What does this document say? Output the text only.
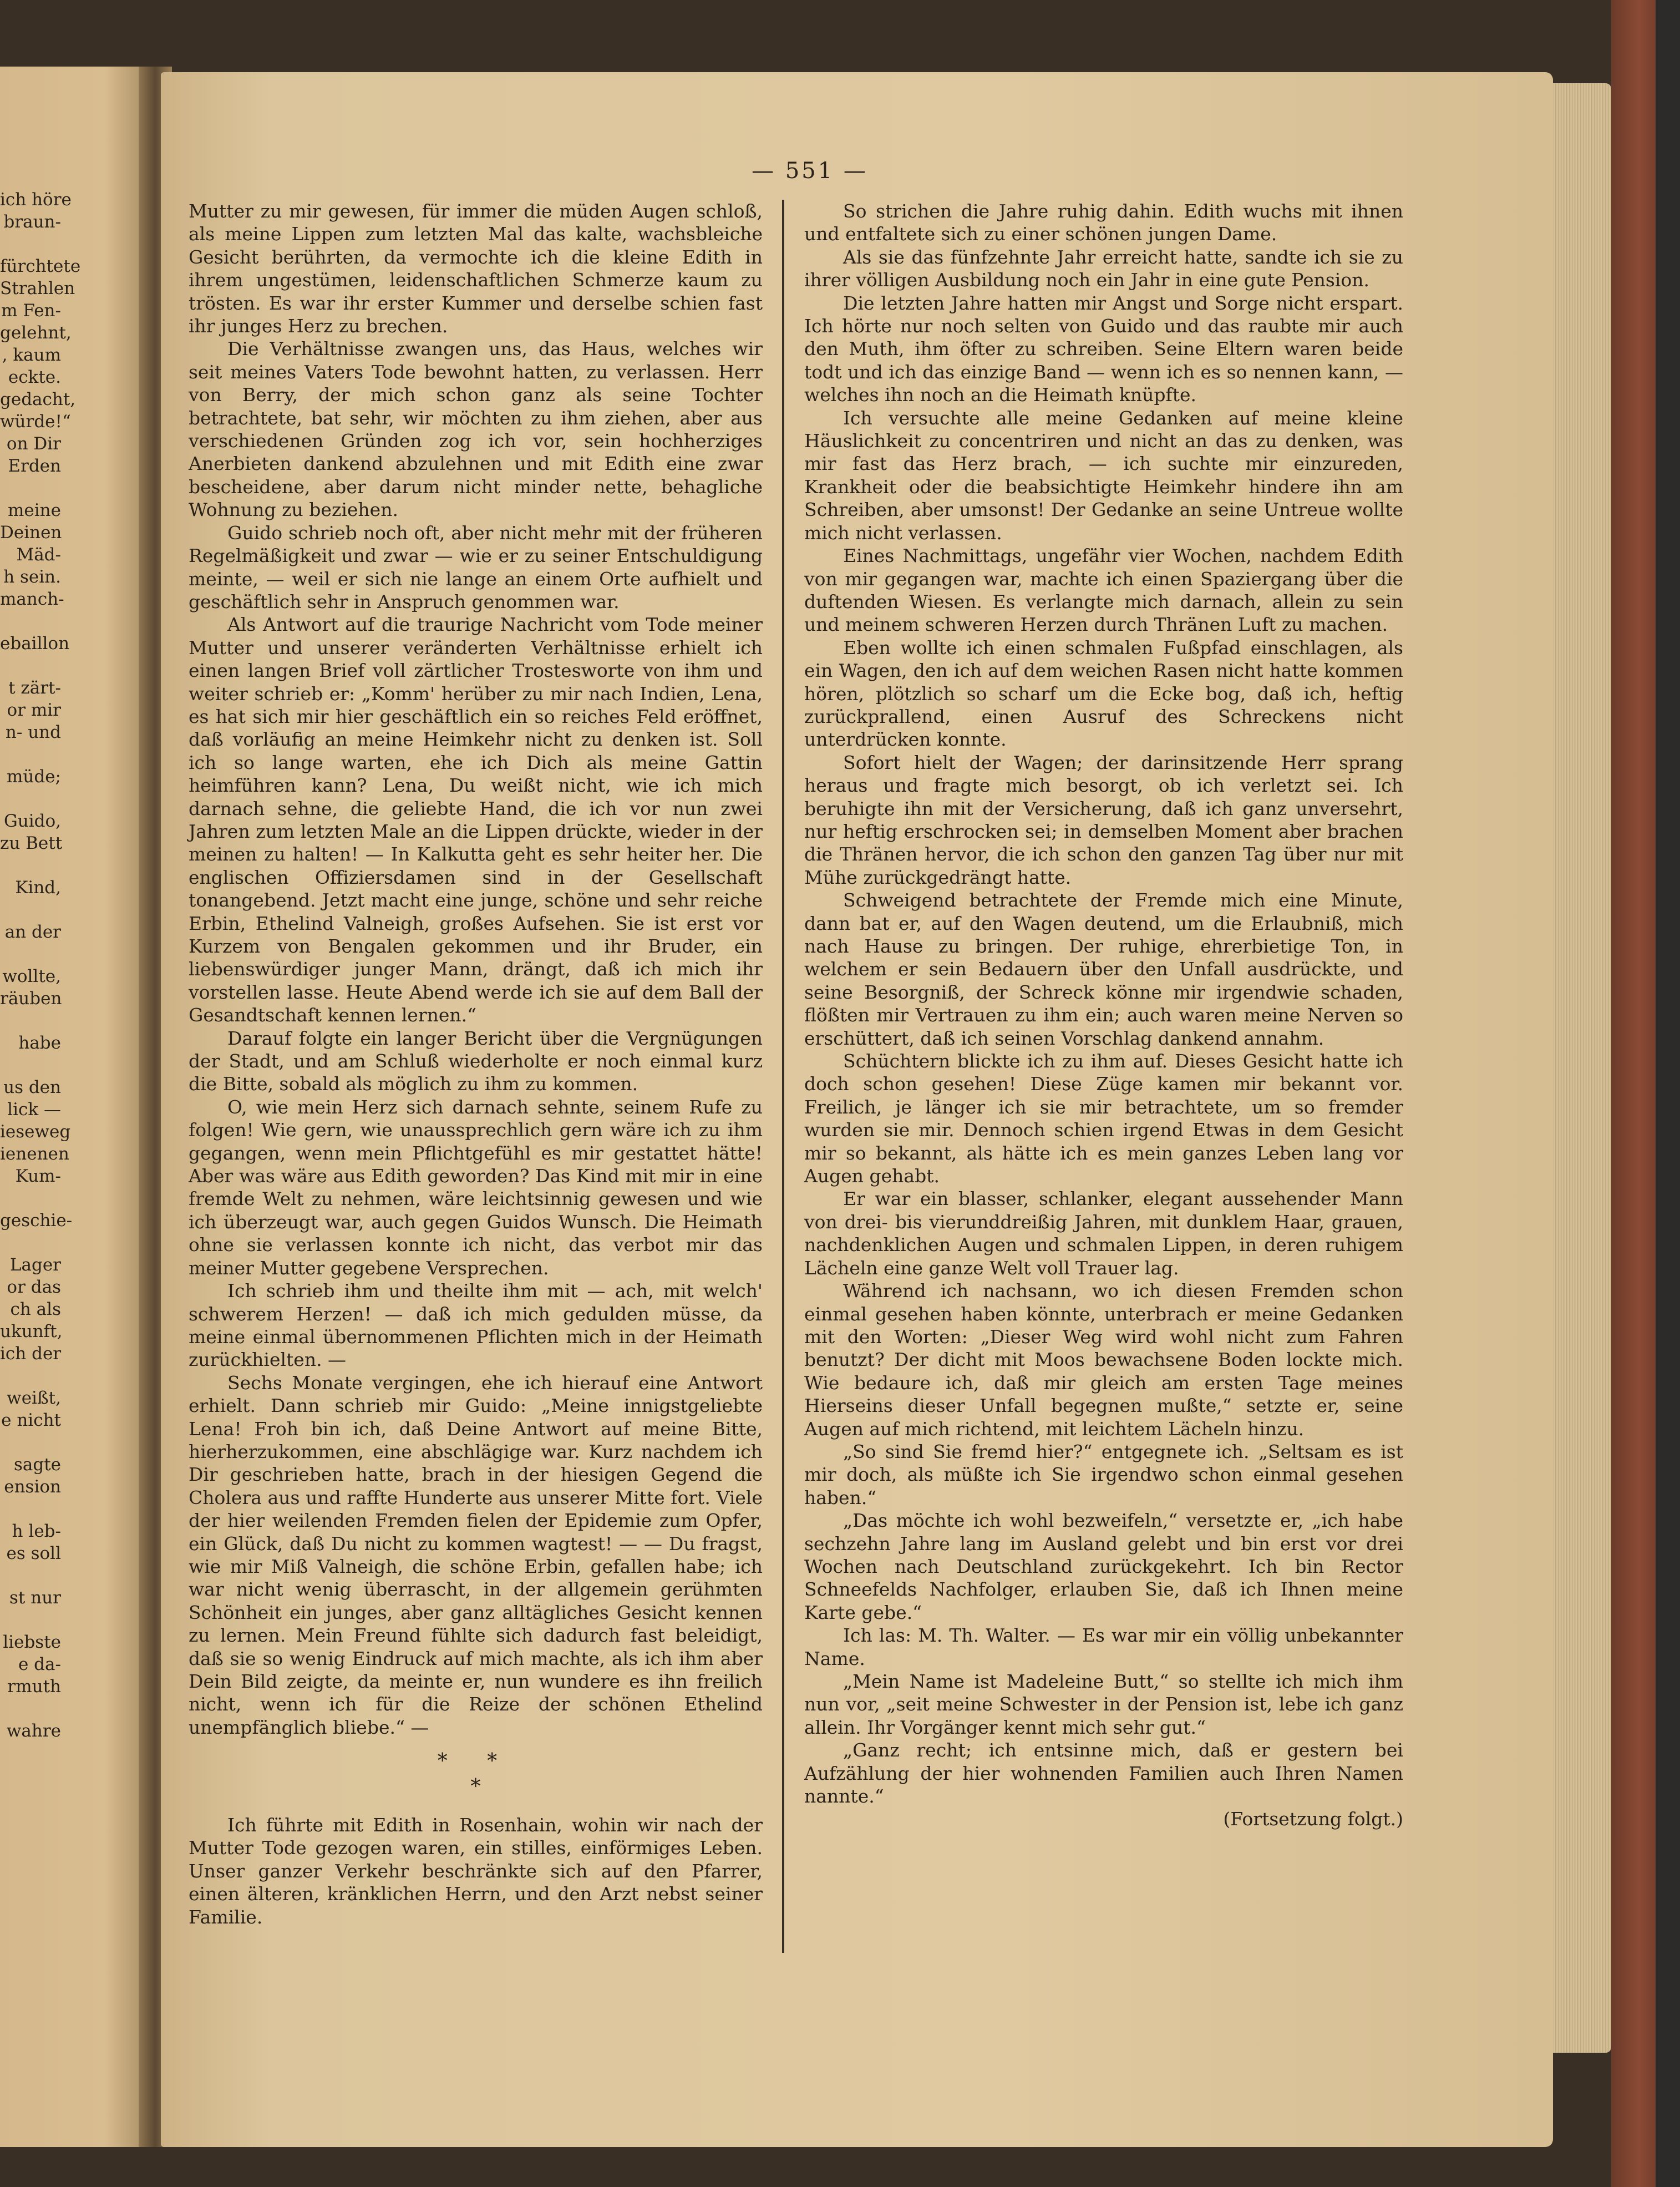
ich höre
braun-
fürchtete
Strahlen
m Fen-
gelehnt,
, kaum
eckte.
gedacht,
würde!“
on Dir
Erden
meine
Deinen
Mäd-
h sein.
manch-
ebaillon
t zärt-
or mir
n- und
müde;
Guido,
zu Bett
Kind,
an der
wollte,
räuben
habe
us den
lick —
ieseweg
ienenen
Kum-
geschie-
Lager
or das
ch als
ukunft,
ich der
weißt,
e nicht
sagte
ension
h leb-
es soll
st nur
liebste
e da-
rmuth
wahre
— 551 —

Mutter zu mir gewesen, für immer die müden Augen schloß, als meine Lippen zum letzten Mal das kalte, wachsbleiche Gesicht berührten, da vermochte ich die kleine Edith in ihrem ungestümen, leidenschaftlichen Schmerze kaum zu trösten. Es war ihr erster Kummer und derselbe schien fast ihr junges Herz zu brechen.

Die Verhältnisse zwangen uns, das Haus, welches wir seit meines Vaters Tode bewohnt hatten, zu verlassen. Herr von Berry, der mich schon ganz als seine Tochter betrachtete, bat sehr, wir möchten zu ihm ziehen, aber aus verschiedenen Gründen zog ich vor, sein hochherziges Anerbieten dankend abzulehnen und mit Edith eine zwar bescheidene, aber darum nicht minder nette, behagliche Wohnung zu beziehen.

Guido schrieb noch oft, aber nicht mehr mit der früheren Regelmäßigkeit und zwar — wie er zu seiner Entschuldigung meinte, — weil er sich nie lange an einem Orte aufhielt und geschäftlich sehr in Anspruch genommen war.

Als Antwort auf die traurige Nachricht vom Tode meiner Mutter und unserer veränderten Verhältnisse erhielt ich einen langen Brief voll zärtlicher Trostesworte von ihm und weiter schrieb er: „Komm' herüber zu mir nach Indien, Lena, es hat sich mir hier geschäftlich ein so reiches Feld eröffnet, daß vorläufig an meine Heimkehr nicht zu denken ist. Soll ich so lange warten, ehe ich Dich als meine Gattin heimführen kann? Lena, Du weißt nicht, wie ich mich darnach sehne, die geliebte Hand, die ich vor nun zwei Jahren zum letzten Male an die Lippen drückte, wieder in der meinen zu halten! — In Kalkutta geht es sehr heiter her. Die englischen Offiziersdamen sind in der Gesellschaft tonangebend. Jetzt macht eine junge, schöne und sehr reiche Erbin, Ethelind Valneigh, großes Aufsehen. Sie ist erst vor Kurzem von Bengalen gekommen und ihr Bruder, ein liebenswürdiger junger Mann, drängt, daß ich mich ihr vorstellen lasse. Heute Abend werde ich sie auf dem Ball der Gesandtschaft kennen lernen.“

Darauf folgte ein langer Bericht über die Vergnügungen der Stadt, und am Schluß wiederholte er noch einmal kurz die Bitte, sobald als möglich zu ihm zu kommen.

O, wie mein Herz sich darnach sehnte, seinem Rufe zu folgen! Wie gern, wie unaussprechlich gern wäre ich zu ihm gegangen, wenn mein Pflichtgefühl es mir gestattet hätte! Aber was wäre aus Edith geworden? Das Kind mit mir in eine fremde Welt zu nehmen, wäre leichtsinnig gewesen und wie ich überzeugt war, auch gegen Guidos Wunsch. Die Heimath ohne sie verlassen konnte ich nicht, das verbot mir das meiner Mutter gegebene Versprechen.

Ich schrieb ihm und theilte ihm mit — ach, mit welch' schwerem Herzen! — daß ich mich gedulden müsse, da meine einmal übernommenen Pflichten mich in der Heimath zurückhielten. —

Sechs Monate vergingen, ehe ich hierauf eine Antwort erhielt. Dann schrieb mir Guido: „Meine innigstgeliebte Lena! Froh bin ich, daß Deine Antwort auf meine Bitte, hierherzukommen, eine abschlägige war. Kurz nachdem ich Dir geschrieben hatte, brach in der hiesigen Gegend die Cholera aus und raffte Hunderte aus unserer Mitte fort. Viele der hier weilenden Fremden fielen der Epidemie zum Opfer, ein Glück, daß Du nicht zu kommen wagtest! — — Du fragst, wie mir Miß Valneigh, die schöne Erbin, gefallen habe; ich war nicht wenig überrascht, in der allgemein gerühmten Schönheit ein junges, aber ganz alltägliches Gesicht kennen zu lernen. Mein Freund fühlte sich dadurch fast beleidigt, daß sie so wenig Eindruck auf mich machte, als ich ihm aber Dein Bild zeigte, da meinte er, nun wundere es ihn freilich nicht, wenn ich für die Reize der schönen Ethelind unempfänglich bliebe.“ —

* *
*

Ich führte mit Edith in Rosenhain, wohin wir nach der Mutter Tode gezogen waren, ein stilles, einförmiges Leben. Unser ganzer Verkehr beschränkte sich auf den Pfarrer, einen älteren, kränklichen Herrn, und den Arzt nebst seiner Familie.

So strichen die Jahre ruhig dahin. Edith wuchs mit ihnen und entfaltete sich zu einer schönen jungen Dame.

Als sie das fünfzehnte Jahr erreicht hatte, sandte ich sie zu ihrer völligen Ausbildung noch ein Jahr in eine gute Pension.

Die letzten Jahre hatten mir Angst und Sorge nicht erspart. Ich hörte nur noch selten von Guido und das raubte mir auch den Muth, ihm öfter zu schreiben. Seine Eltern waren beide todt und ich das einzige Band — wenn ich es so nennen kann, — welches ihn noch an die Heimath knüpfte.

Ich versuchte alle meine Gedanken auf meine kleine Häuslichkeit zu concentriren und nicht an das zu denken, was mir fast das Herz brach, — ich suchte mir einzureden, Krankheit oder die beabsichtigte Heimkehr hindere ihn am Schreiben, aber umsonst! Der Gedanke an seine Untreue wollte mich nicht verlassen.

Eines Nachmittags, ungefähr vier Wochen, nachdem Edith von mir gegangen war, machte ich einen Spaziergang über die duftenden Wiesen. Es verlangte mich darnach, allein zu sein und meinem schweren Herzen durch Thränen Luft zu machen.

Eben wollte ich einen schmalen Fußpfad einschlagen, als ein Wagen, den ich auf dem weichen Rasen nicht hatte kommen hören, plötzlich so scharf um die Ecke bog, daß ich, heftig zurückprallend, einen Ausruf des Schreckens nicht unterdrücken konnte.

Sofort hielt der Wagen; der darinsitzende Herr sprang heraus und fragte mich besorgt, ob ich verletzt sei. Ich beruhigte ihn mit der Versicherung, daß ich ganz unversehrt, nur heftig erschrocken sei; in demselben Moment aber brachen die Thränen hervor, die ich schon den ganzen Tag über nur mit Mühe zurückgedrängt hatte.

Schweigend betrachtete der Fremde mich eine Minute, dann bat er, auf den Wagen deutend, um die Erlaubniß, mich nach Hause zu bringen. Der ruhige, ehrerbietige Ton, in welchem er sein Bedauern über den Unfall ausdrückte, und seine Besorgniß, der Schreck könne mir irgendwie schaden, flößten mir Vertrauen zu ihm ein; auch waren meine Nerven so erschüttert, daß ich seinen Vorschlag dankend annahm.

Schüchtern blickte ich zu ihm auf. Dieses Gesicht hatte ich doch schon gesehen! Diese Züge kamen mir bekannt vor. Freilich, je länger ich sie mir betrachtete, um so fremder wurden sie mir. Dennoch schien irgend Etwas in dem Gesicht mir so bekannt, als hätte ich es mein ganzes Leben lang vor Augen gehabt.

Er war ein blasser, schlanker, elegant aussehender Mann von drei- bis vierunddreißig Jahren, mit dunklem Haar, grauen, nachdenklichen Augen und schmalen Lippen, in deren ruhigem Lächeln eine ganze Welt voll Trauer lag.

Während ich nachsann, wo ich diesen Fremden schon einmal gesehen haben könnte, unterbrach er meine Gedanken mit den Worten: „Dieser Weg wird wohl nicht zum Fahren benutzt? Der dicht mit Moos bewachsene Boden lockte mich. Wie bedaure ich, daß mir gleich am ersten Tage meines Hierseins dieser Unfall begegnen mußte,“ setzte er, seine Augen auf mich richtend, mit leichtem Lächeln hinzu.

„So sind Sie fremd hier?“ entgegnete ich. „Seltsam es ist mir doch, als müßte ich Sie irgendwo schon einmal gesehen haben.“

„Das möchte ich wohl bezweifeln,“ versetzte er, „ich habe sechzehn Jahre lang im Ausland gelebt und bin erst vor drei Wochen nach Deutschland zurückgekehrt. Ich bin Rector Schneefelds Nachfolger, erlauben Sie, daß ich Ihnen meine Karte gebe.“

Ich las: M. Th. Walter. — Es war mir ein völlig unbekannter Name.

„Mein Name ist Madeleine Butt,“ so stellte ich mich ihm nun vor, „seit meine Schwester in der Pension ist, lebe ich ganz allein. Ihr Vorgänger kennt mich sehr gut.“

„Ganz recht; ich entsinne mich, daß er gestern bei Aufzählung der hier wohnenden Familien auch Ihren Namen nannte.“

(Fortsetzung folgt.)
